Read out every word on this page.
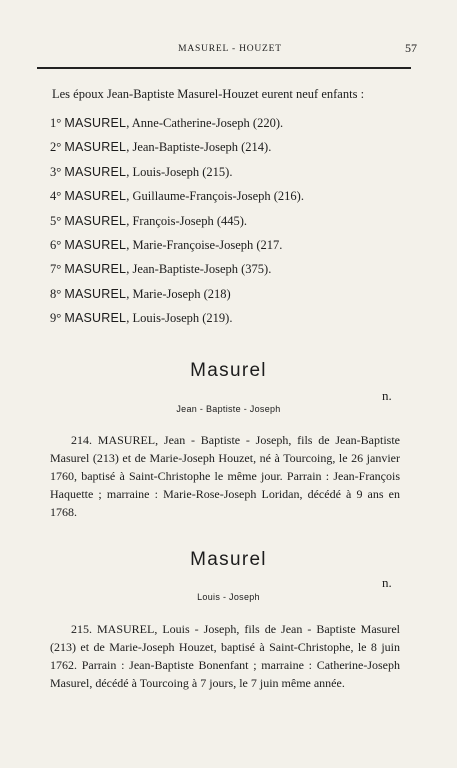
MASUREL - HOUZET	57
Les époux Jean-Baptiste Masurel-Houzet eurent neuf enfants :
1° MASUREL, Anne-Catherine-Joseph (220).
2° MASUREL, Jean-Baptiste-Joseph (214).
3° MASUREL, Louis-Joseph (215).
4° MASUREL, Guillaume-François-Joseph (216).
5° MASUREL, François-Joseph (445).
6° MASUREL, Marie-Françoise-Joseph (217.
7° MASUREL, Jean-Baptiste-Joseph (375).
8° MASUREL, Marie-Joseph (218)
9° MASUREL, Louis-Joseph (219).
Masurel
n.
Jean - Baptiste - Joseph
214. MASUREL, Jean - Baptiste - Joseph, fils de Jean-Baptiste Masurel (213) et de Marie-Joseph Houzet, né à Tourcoing, le 26 janvier 1760, baptisé à Saint-Christophe le même jour. Parrain : Jean-François Haquette ; marraine : Marie-Rose-Joseph Loridan, décédé à 9 ans en 1768.
Masurel
n.
Louis - Joseph
215. MASUREL, Louis - Joseph, fils de Jean - Baptiste Masurel (213) et de Marie-Joseph Houzet, baptisé à Saint-Christophe, le 8 juin 1762. Parrain : Jean-Baptiste Bonenfant ; marraine : Catherine-Joseph Masurel, décédé à Tourcoing à 7 jours, le 7 juin même année.
